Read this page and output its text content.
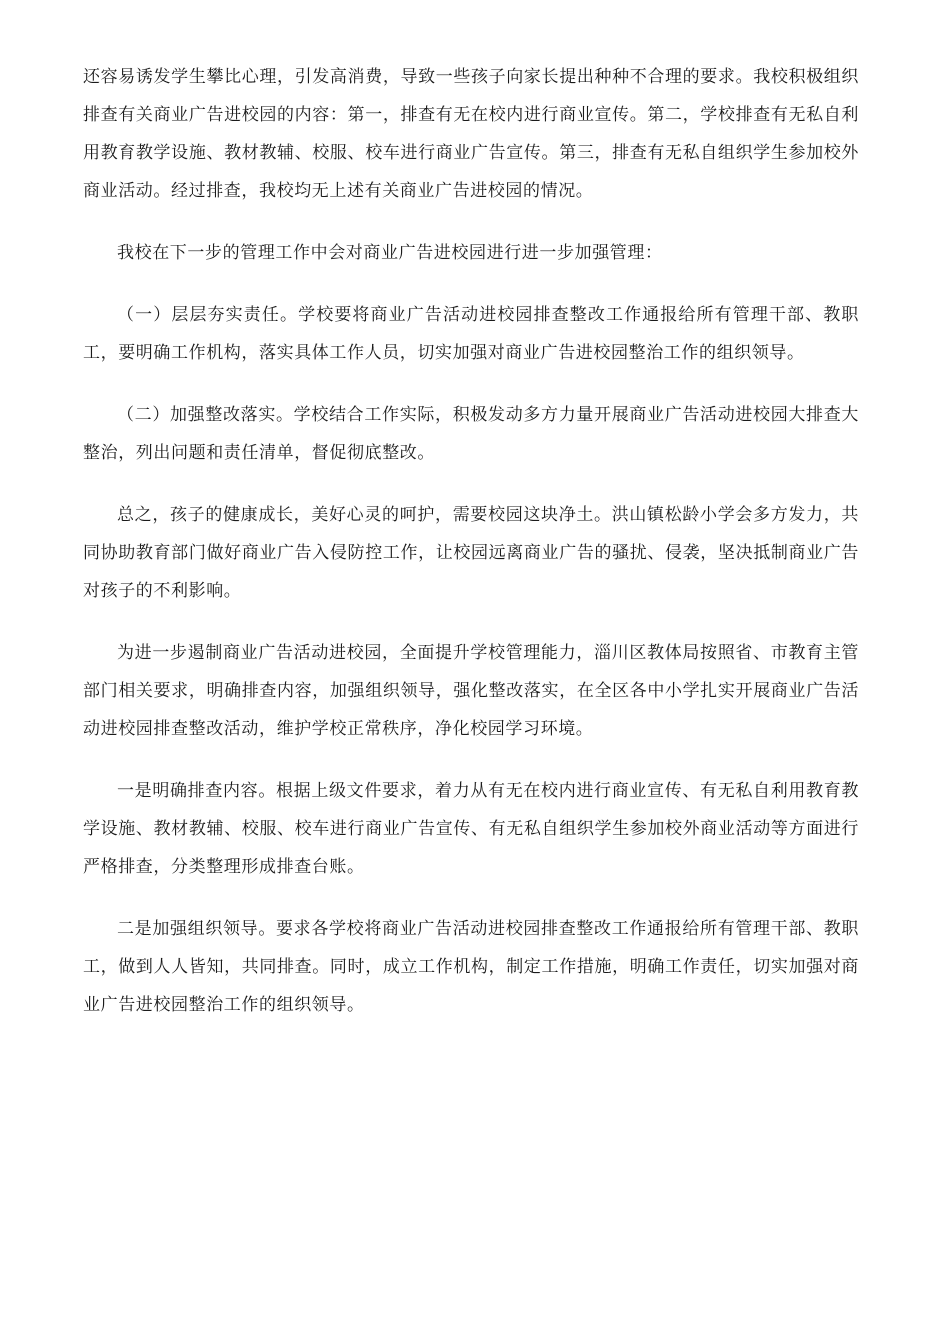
还容易诱发学生攀比心理，引发高消费，导致一些孩子向家长提出种种不合理的要求。我校积极组织排查有关商业广告进校园的内容：第一，排查有无在校内进行商业宣传。第二，学校排查有无私自利用教育教学设施、教材教辅、校服、校车进行商业广告宣传。第三，排查有无私自组织学生参加校外商业活动。经过排查，我校均无上述有关商业广告进校园的情况。

我校在下一步的管理工作中会对商业广告进校园进行进一步加强管理：

（一）层层夯实责任。学校要将商业广告活动进校园排查整改工作通报给所有管理干部、教职工，要明确工作机构，落实具体工作人员，切实加强对商业广告进校园整治工作的组织领导。

（二）加强整改落实。学校结合工作实际，积极发动多方力量开展商业广告活动进校园大排查大整治，列出问题和责任清单，督促彻底整改。

总之，孩子的健康成长，美好心灵的呵护，需要校园这块净土。洪山镇松龄小学会多方发力，共同协助教育部门做好商业广告入侵防控工作，让校园远离商业广告的骚扰、侵袭，坚决抵制商业广告对孩子的不利影响。

为进一步遏制商业广告活动进校园，全面提升学校管理能力，淄川区教体局按照省、市教育主管部门相关要求，明确排查内容，加强组织领导，强化整改落实，在全区各中小学扎实开展商业广告活动进校园排查整改活动，维护学校正常秩序，净化校园学习环境。

一是明确排查内容。根据上级文件要求，着力从有无在校内进行商业宣传、有无私自利用教育教学设施、教材教辅、校服、校车进行商业广告宣传、有无私自组织学生参加校外商业活动等方面进行严格排查，分类整理形成排查台账。

二是加强组织领导。要求各学校将商业广告活动进校园排查整改工作通报给所有管理干部、教职工，做到人人皆知，共同排查。同时，成立工作机构，制定工作措施，明确工作责任，切实加强对商业广告进校园整治工作的组织领导。
